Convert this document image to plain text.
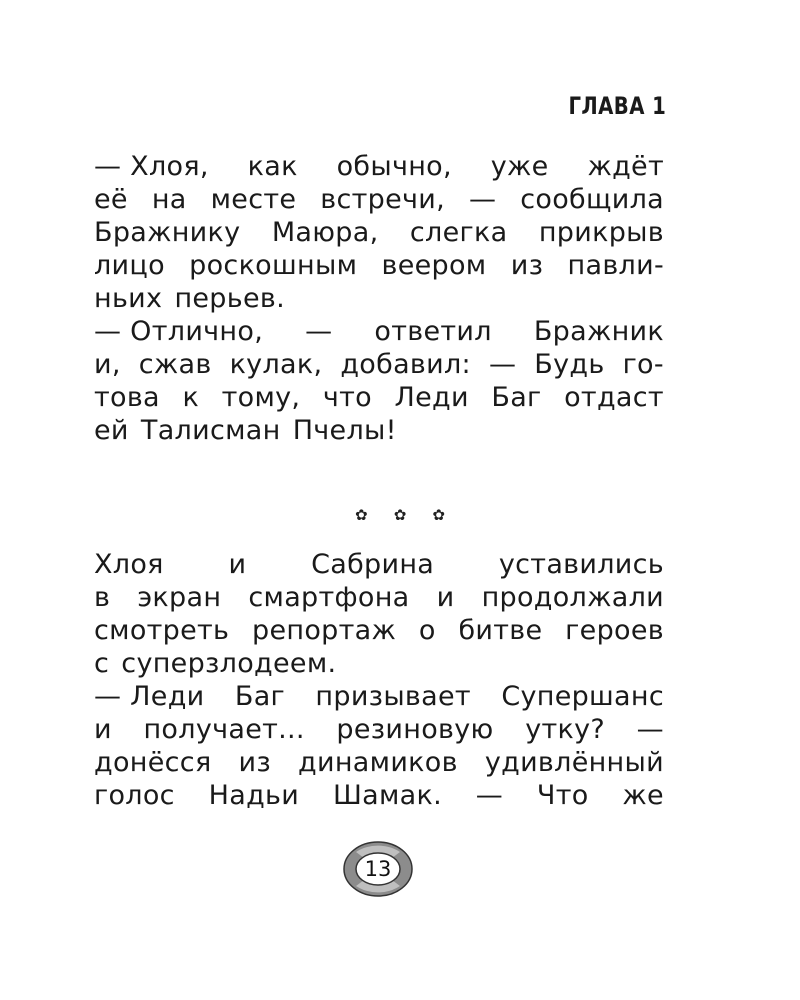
ГЛАВА 1
— Хлоя, как обычно, уже ждёт
её на месте встречи, — сообщила
Бражнику Маюра, слегка прикрыв
лицо роскошным веером из павли-
ньих перьев.
— Отлично, — ответил Бражник
и, сжав кулак, добавил: — Будь го-
това к тому, что Леди Баг отдаст
ей Талисман Пчелы!
✿ ✿ ✿
Хлоя и Сабрина уставились
в экран смартфона и продолжали
смотреть репортаж о битве героев
с суперзлодеем.
— Леди Баг призывает Супершанс
и получает... резиновую утку? —
донёсся из динамиков удивлённый
голос Надьи Шамак. — Что же
13
